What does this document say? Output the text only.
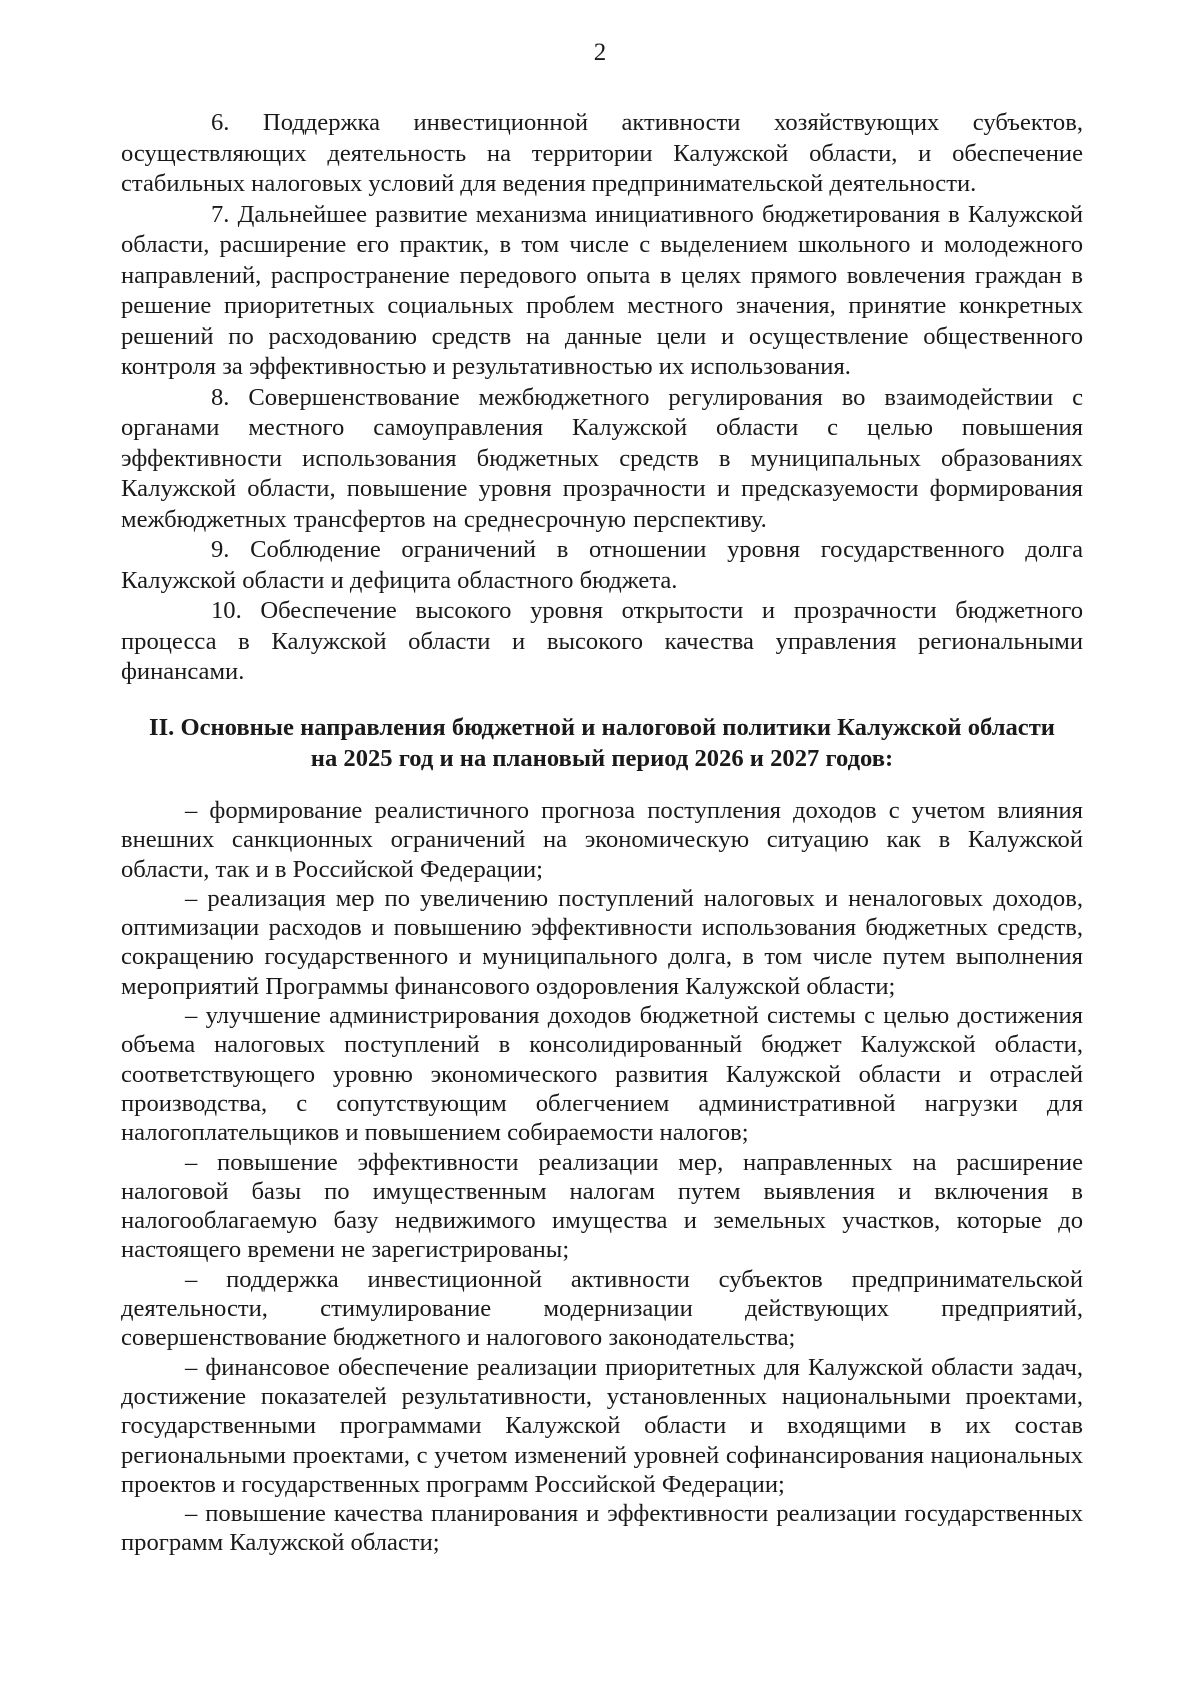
2

6. Поддержка инвестиционной активности хозяйствующих субъектов, осуществляющих деятельность на территории Калужской области, и обеспечение стабильных налоговых условий для ведения предпринимательской деятельности.

7. Дальнейшее развитие механизма инициативного бюджетирования в Калужской области, расширение его практик, в том числе с выделением школьного и молодежного направлений, распространение передового опыта в целях прямого вовлечения граждан в решение приоритетных социальных проблем местного значения, принятие конкретных решений по расходованию средств на данные цели и осуществление общественного контроля за эффективностью и результативностью их использования.

8. Совершенствование межбюджетного регулирования во взаимодействии с органами местного самоуправления Калужской области с целью повышения эффективности использования бюджетных средств в муниципальных образованиях Калужской области, повышение уровня прозрачности и предсказуемости формирования межбюджетных трансфертов на среднесрочную перспективу.

9. Соблюдение ограничений в отношении уровня государственного долга Калужской области и дефицита областного бюджета.

10. Обеспечение высокого уровня открытости и прозрачности бюджетного процесса в Калужской области и высокого качества управления региональными финансами.

II. Основные направления бюджетной и налоговой политики Калужской области

на 2025 год и на плановый период 2026 и 2027 годов:

– формирование реалистичного прогноза поступления доходов с учетом влияния внешних санкционных ограничений на экономическую ситуацию как в Калужской области, так и в Российской Федерации;

– реализация мер по увеличению поступлений налоговых и неналоговых доходов, оптимизации расходов и повышению эффективности использования бюджетных средств, сокращению государственного и муниципального долга, в том числе путем выполнения мероприятий Программы финансового оздоровления Калужской области;

– улучшение администрирования доходов бюджетной системы с целью достижения объема налоговых поступлений в консолидированный бюджет Калужской области, соответствующего уровню экономического развития Калужской области и отраслей производства, с сопутствующим облегчением административной нагрузки для налогоплательщиков и повышением собираемости налогов;

– повышение эффективности реализации мер, направленных на расширение налоговой базы по имущественным налогам путем выявления и включения в налогооблагаемую базу недвижимого имущества и земельных участков, которые до настоящего времени не зарегистрированы;

– поддержка инвестиционной активности субъектов предпринимательской деятельности, стимулирование модернизации действующих предприятий, совершенствование бюджетного и налогового законодательства;

– финансовое обеспечение реализации приоритетных для Калужской области задач, достижение показателей результативности, установленных национальными проектами, государственными программами Калужской области и входящими в их состав региональными проектами, с учетом изменений уровней софинансирования национальных проектов и государственных программ Российской Федерации;

– повышение качества планирования и эффективности реализации государственных программ Калужской области;
